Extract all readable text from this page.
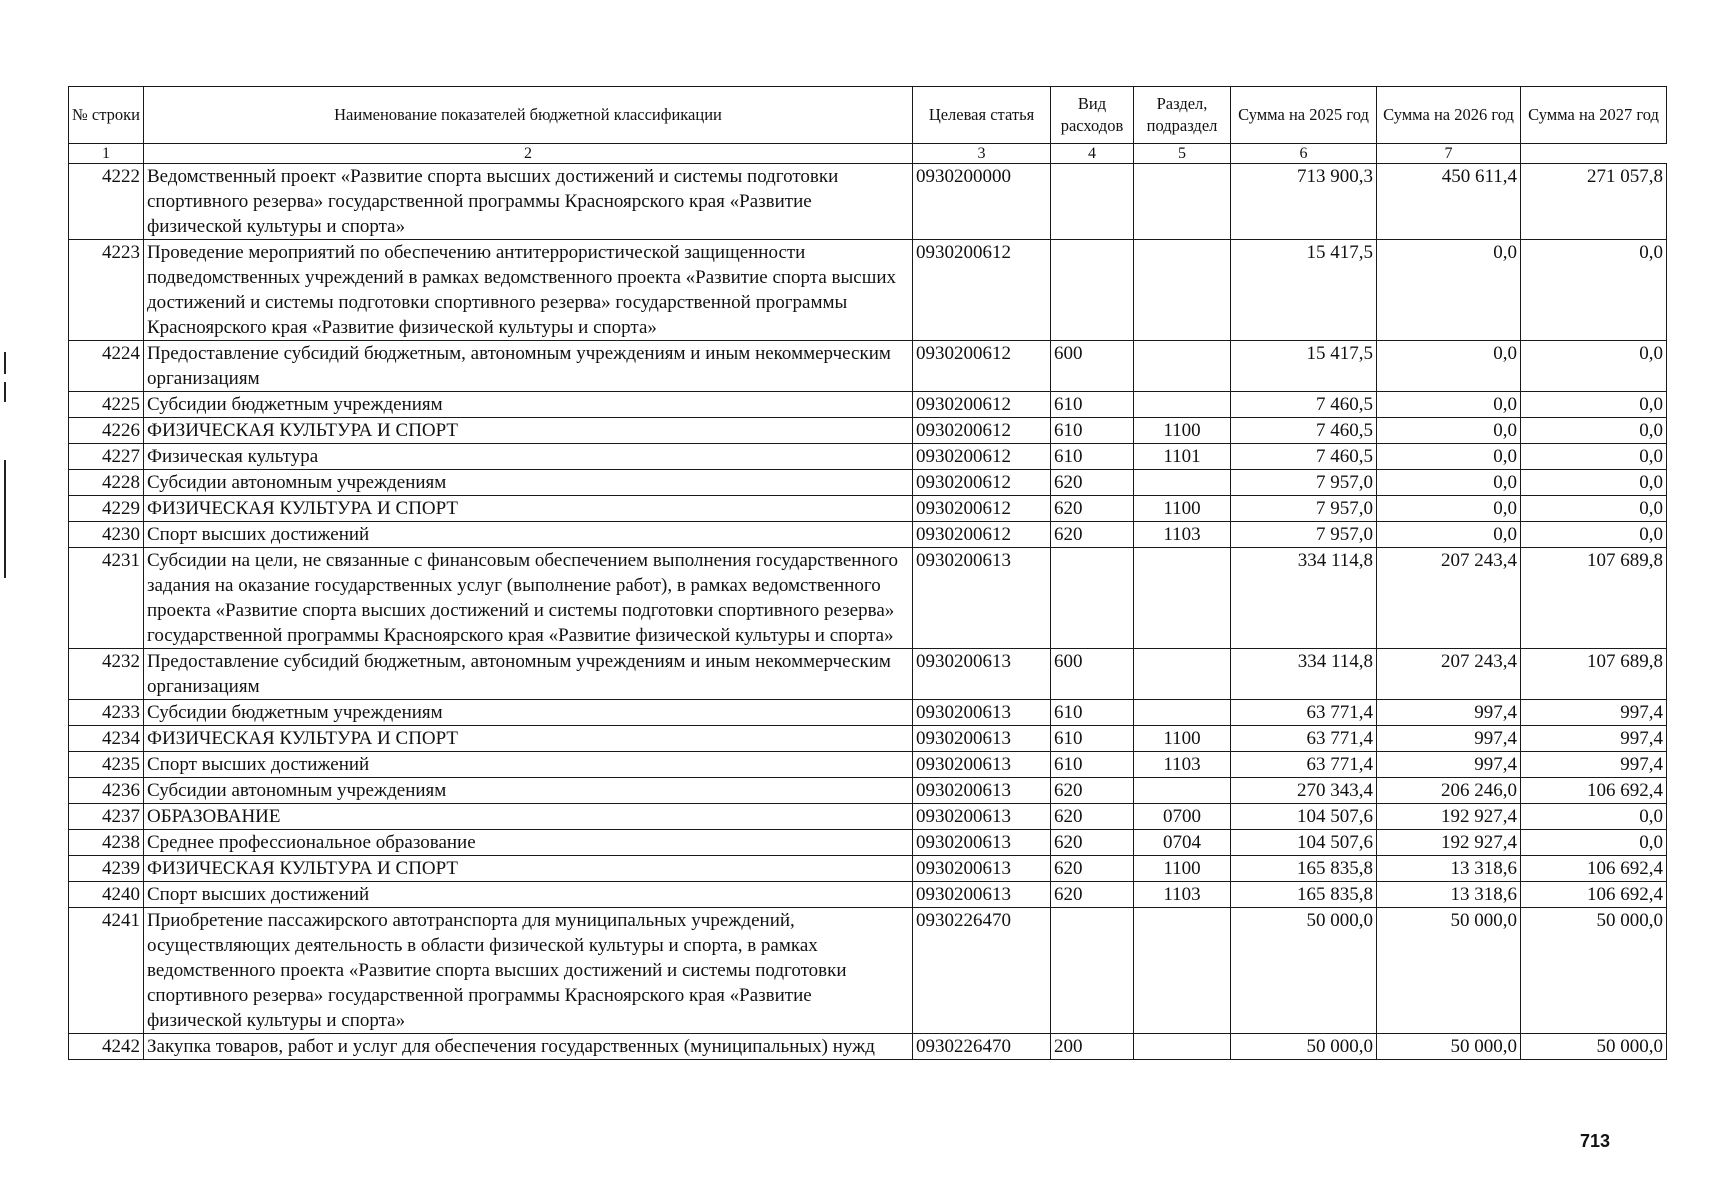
№ строки	Наименование показателей бюджетной классификации	Целевая статья	Вид расходов	Раздел, подраздел	Сумма на 2025 год	Сумма на 2026 год	Сумма на 2027 год
1	2	3	4	5	6	7	
4222	Ведомственный проект «Развитие спорта высших достижений и системы подготовки спортивного резерва» государственной программы Красноярского края «Развитие физической культуры и спорта»	0930200000			713 900,3	450 611,4	271 057,8
4223	Проведение мероприятий по обеспечению антитеррористической защищенности подведомственных учреждений в рамках ведомственного проекта «Развитие спорта высших достижений и системы подготовки спортивного резерва» государственной программы Красноярского края «Развитие физической культуры и спорта»	0930200612			15 417,5	0,0	0,0
4224	Предоставление субсидий бюджетным, автономным учреждениям и иным некоммерческим организациям	0930200612	600		15 417,5	0,0	0,0
4225	Субсидии бюджетным учреждениям	0930200612	610		7 460,5	0,0	0,0
4226	ФИЗИЧЕСКАЯ КУЛЬТУРА И СПОРТ	0930200612	610	1100	7 460,5	0,0	0,0
4227	Физическая культура	0930200612	610	1101	7 460,5	0,0	0,0
4228	Субсидии автономным учреждениям	0930200612	620		7 957,0	0,0	0,0
4229	ФИЗИЧЕСКАЯ КУЛЬТУРА И СПОРТ	0930200612	620	1100	7 957,0	0,0	0,0
4230	Спорт высших достижений	0930200612	620	1103	7 957,0	0,0	0,0
4231	Субсидии на цели, не связанные с финансовым обеспечением выполнения государственного задания на оказание государственных услуг (выполнение работ), в рамках ведомственного проекта «Развитие спорта высших достижений и системы подготовки спортивного резерва» государственной программы Красноярского края «Развитие физической культуры и спорта»	0930200613			334 114,8	207 243,4	107 689,8
4232	Предоставление субсидий бюджетным, автономным учреждениям и иным некоммерческим организациям	0930200613	600		334 114,8	207 243,4	107 689,8
4233	Субсидии бюджетным учреждениям	0930200613	610		63 771,4	997,4	997,4
4234	ФИЗИЧЕСКАЯ КУЛЬТУРА И СПОРТ	0930200613	610	1100	63 771,4	997,4	997,4
4235	Спорт высших достижений	0930200613	610	1103	63 771,4	997,4	997,4
4236	Субсидии автономным учреждениям	0930200613	620		270 343,4	206 246,0	106 692,4
4237	ОБРАЗОВАНИЕ	0930200613	620	0700	104 507,6	192 927,4	0,0
4238	Среднее профессиональное образование	0930200613	620	0704	104 507,6	192 927,4	0,0
4239	ФИЗИЧЕСКАЯ КУЛЬТУРА И СПОРТ	0930200613	620	1100	165 835,8	13 318,6	106 692,4
4240	Спорт высших достижений	0930200613	620	1103	165 835,8	13 318,6	106 692,4
4241	Приобретение пассажирского автотранспорта для муниципальных учреждений, осуществляющих деятельность в области физической культуры и спорта, в рамках ведомственного проекта «Развитие спорта высших достижений и системы подготовки спортивного резерва» государственной программы Красноярского края «Развитие физической культуры и спорта»	0930226470			50 000,0	50 000,0	50 000,0
4242	Закупка товаров, работ и услуг для обеспечения государственных (муниципальных) нужд	0930226470	200		50 000,0	50 000,0	50 000,0
713
